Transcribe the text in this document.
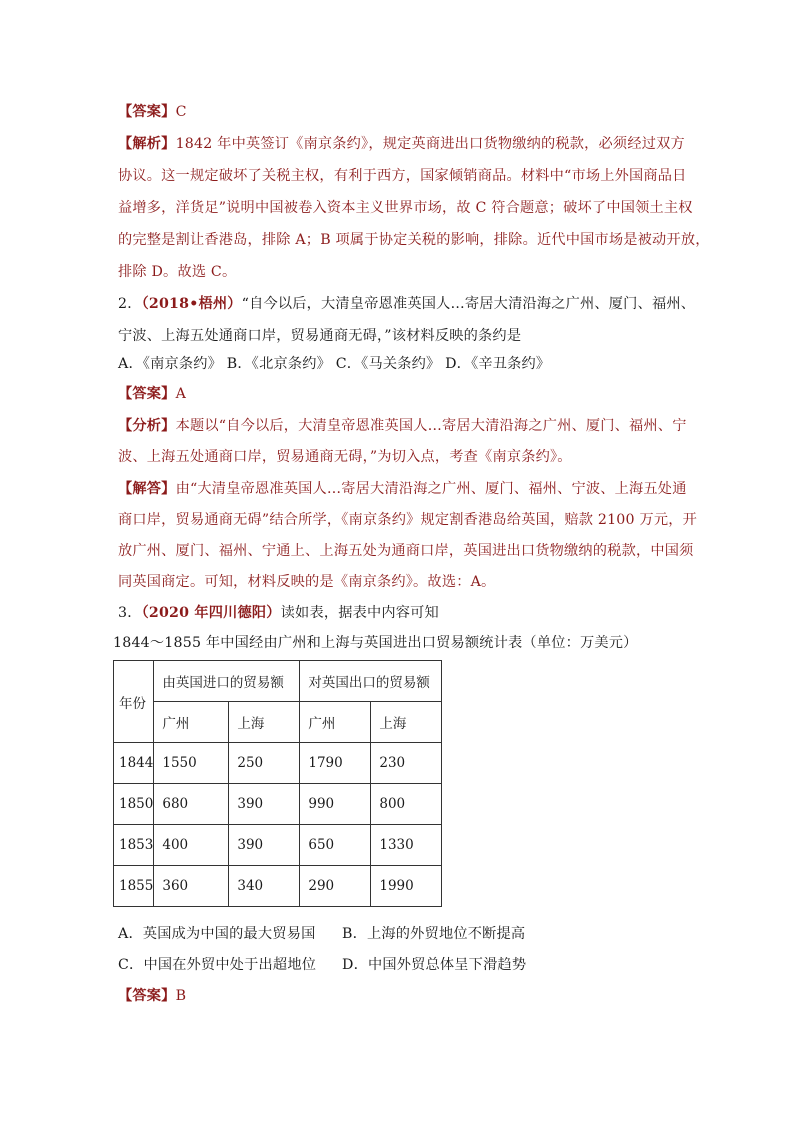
【答案】C
【解析】1842 年中英签订《南京条约》，规定英商进出口货物缴纳的税款，必须经过双方
协议。这一规定破坏了关税主权，有利于西方，国家倾销商品。材料中“市场上外国商品日
益增多，洋货足”说明中国被卷入资本主义世界市场，故 C 符合题意；破坏了中国领土主权
的完整是割让香港岛，排除 A；B 项属于协定关税的影响，排除。近代中国市场是被动开放，
排除 D。故选 C。
2．（2018•梧州）“自今以后，大清皇帝恩准英国人…寄居大清沿海之广州、厦门、福州、
宁波、上海五处通商口岸，贸易通商无碍，”该材料反映的条约是
A．《南京条约》 B．《北京条约》 C．《马关条约》 D．《辛丑条约》
【答案】A
【分析】本题以“自今以后，大清皇帝恩准英国人…寄居大清沿海之广州、厦门、福州、宁
波、上海五处通商口岸，贸易通商无碍，”为切入点，考查《南京条约》。
【解答】由“大清皇帝恩准英国人…寄居大清沿海之广州、厦门、福州、宁波、上海五处通
商口岸，贸易通商无碍”结合所学，《南京条约》规定割香港岛给英国，赔款 2100 万元，开
放广州、厦门、福州、宁通上、上海五处为通商口岸，英国进出口货物缴纳的税款，中国须
同英国商定。可知，材料反映的是《南京条约》。故选：A。
3．（2020 年四川德阳）读如表，据表中内容可知
1844～1855 年中国经由广州和上海与英国进出口贸易额统计表（单位：万美元）
年份	由英国进口的贸易额		对英国出口的贸易额	
	广州	上海	广州	上海
1844	1550	250	1790	230
1850	680	390	990	800
1853	400	390	650	1330
1855	360	340	290	1990
A．英国成为中国的最大贸易国 B．上海的外贸地位不断提高
C．中国在外贸中处于出超地位 D．中国外贸总体呈下滑趋势
【答案】B
